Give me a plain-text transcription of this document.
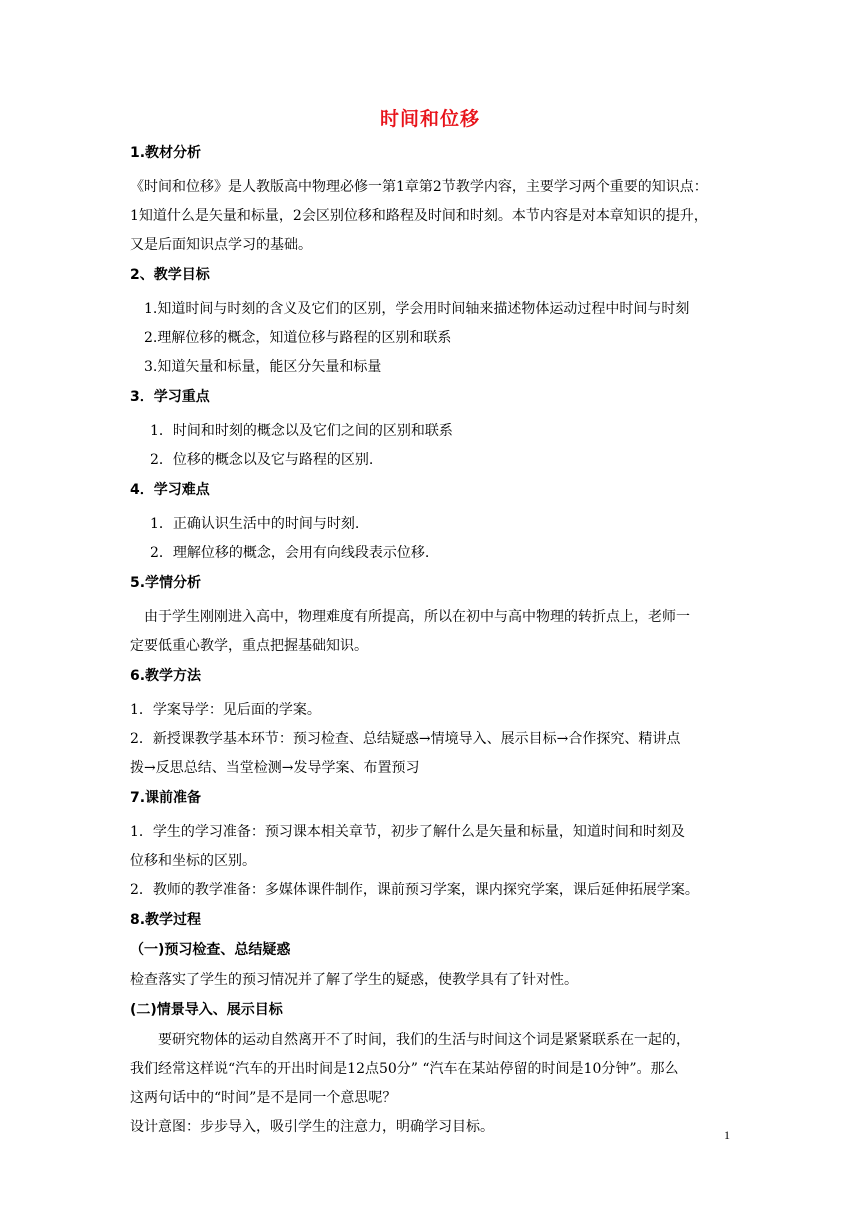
时间和位移
1.教材分析

《时间和位移》是人教版高中物理必修一第1章第2节教学内容，主要学习两个重要的知识点：

1知道什么是矢量和标量，2会区别位移和路程及时间和时刻。本节内容是对本章知识的提升，

又是后面知识点学习的基础。

2、教学目标

1.知道时间与时刻的含义及它们的区别，学会用时间轴来描述物体运动过程中时间与时刻

2.理解位移的概念，知道位移与路程的区别和联系

3.知道矢量和标量，能区分矢量和标量

3．学习重点

1．时间和时刻的概念以及它们之间的区别和联系

2．位移的概念以及它与路程的区别.

4．学习难点

1．正确认识生活中的时间与时刻.

2．理解位移的概念，会用有向线段表示位移.

5.学情分析

由于学生刚刚进入高中，物理难度有所提高，所以在初中与高中物理的转折点上，老师一

定要低重心教学，重点把握基础知识。

6.教学方法

1．学案导学：见后面的学案。

2．新授课教学基本环节：预习检查、总结疑惑→情境导入、展示目标→合作探究、精讲点

拨→反思总结、当堂检测→发导学案、布置预习

7.课前准备

1．学生的学习准备：预习课本相关章节，初步了解什么是矢量和标量，知道时间和时刻及

位移和坐标的区别。

2．教师的教学准备：多媒体课件制作，课前预习学案，课内探究学案，课后延伸拓展学案。

8.教学过程
（一)预习检查、总结疑惑

检查落实了学生的预习情况并了解了学生的疑惑，使教学具有了针对性。

(二)情景导入、展示目标

要研究物体的运动自然离开不了时间，我们的生活与时间这个词是紧紧联系在一起的，

我们经常这样说“汽车的开出时间是12点50分” “汽车在某站停留的时间是10分钟”。那么

这两句话中的“时间”是不是同一个意思呢？

设计意图：步步导入，吸引学生的注意力，明确学习目标。	1
